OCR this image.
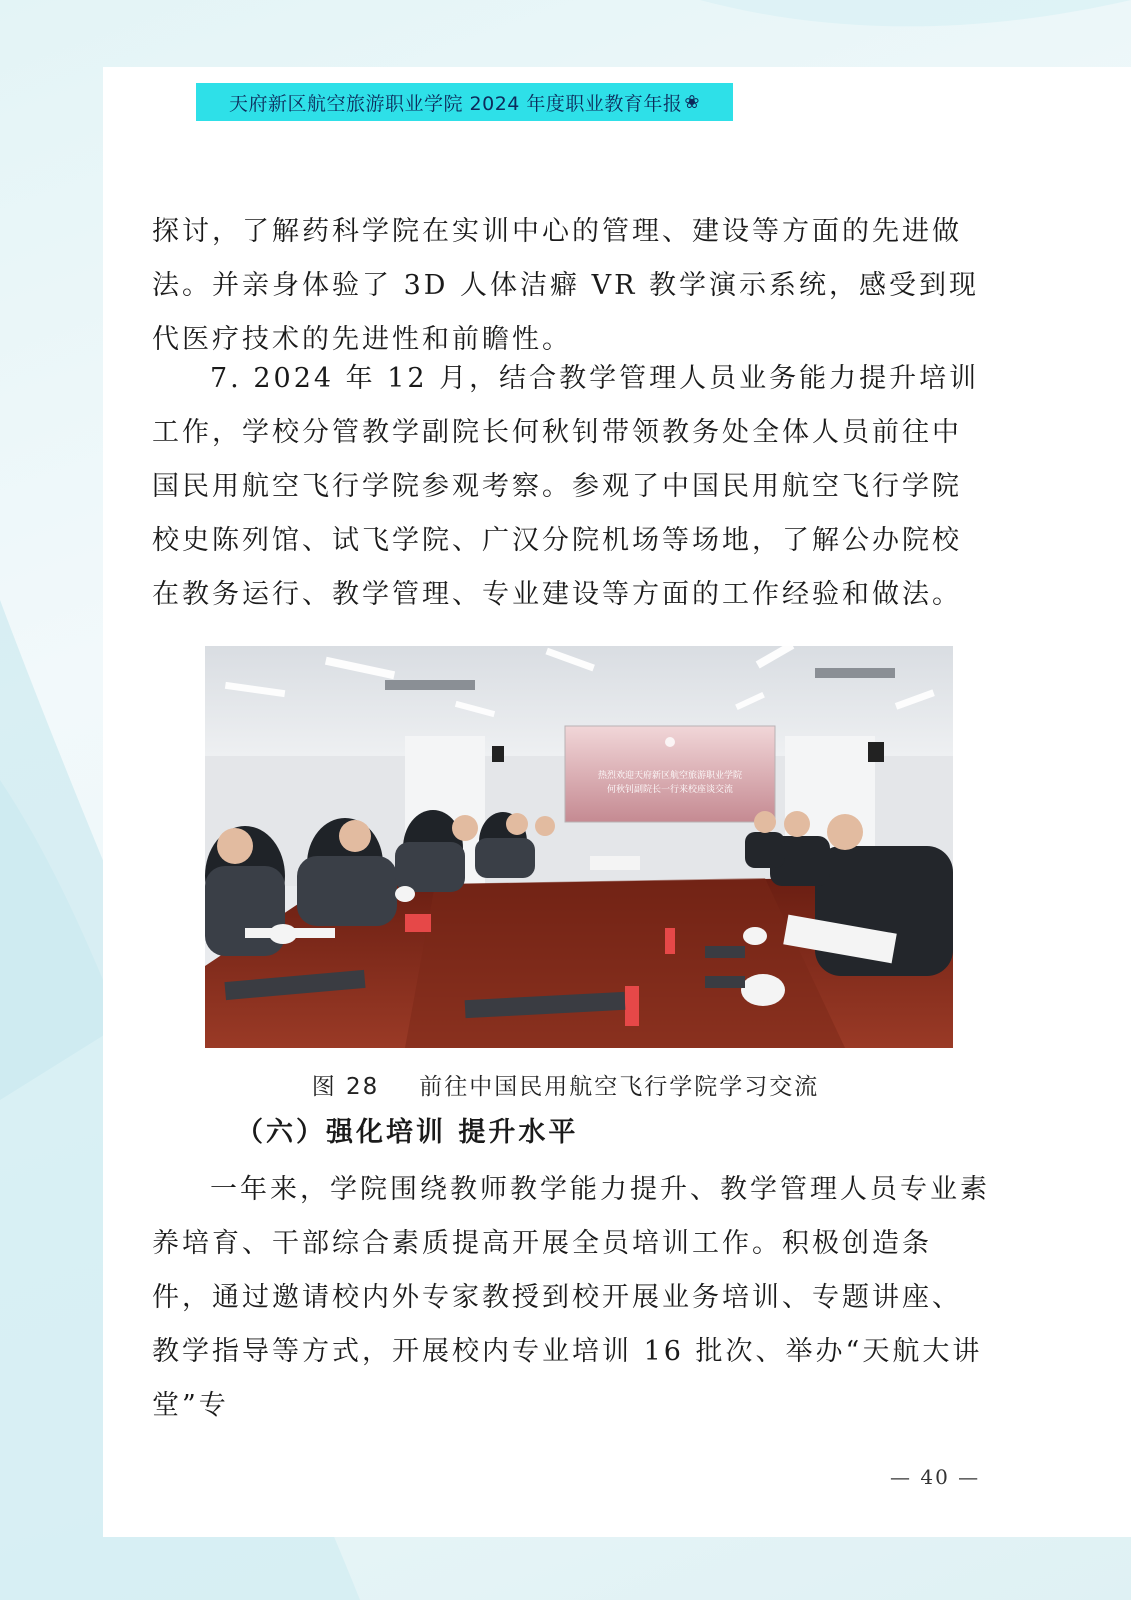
天府新区航空旅游职业学院 2024 年度职业教育年报 ❀

探讨，了解药科学院在实训中心的管理、建设等方面的先进做法。并亲身体验了 3D 人体洁癖 VR 教学演示系统，感受到现代医疗技术的先进性和前瞻性。

7. 2024 年 12 月，结合教学管理人员业务能力提升培训工作，学校分管教学副院长何秋钊带领教务处全体人员前往中国民用航空飞行学院参观考察。参观了中国民用航空飞行学院校史陈列馆、试飞学院、广汉分院机场等场地，了解公办院校在教务运行、教学管理、专业建设等方面的工作经验和做法。

热烈欢迎天府新区航空旅游职业学院
何秋钊副院长一行来校座谈交流
图 28 前往中国民用航空飞行学院学习交流
（六）强化培训 提升水平

一年来，学院围绕教师教学能力提升、教学管理人员专业素养培育、干部综合素质提高开展全员培训工作。积极创造条件，通过邀请校内外专家教授到校开展业务培训、专题讲座、教学指导等方式，开展校内专业培训 16 批次、举办“天航大讲堂”专

— 40 —
